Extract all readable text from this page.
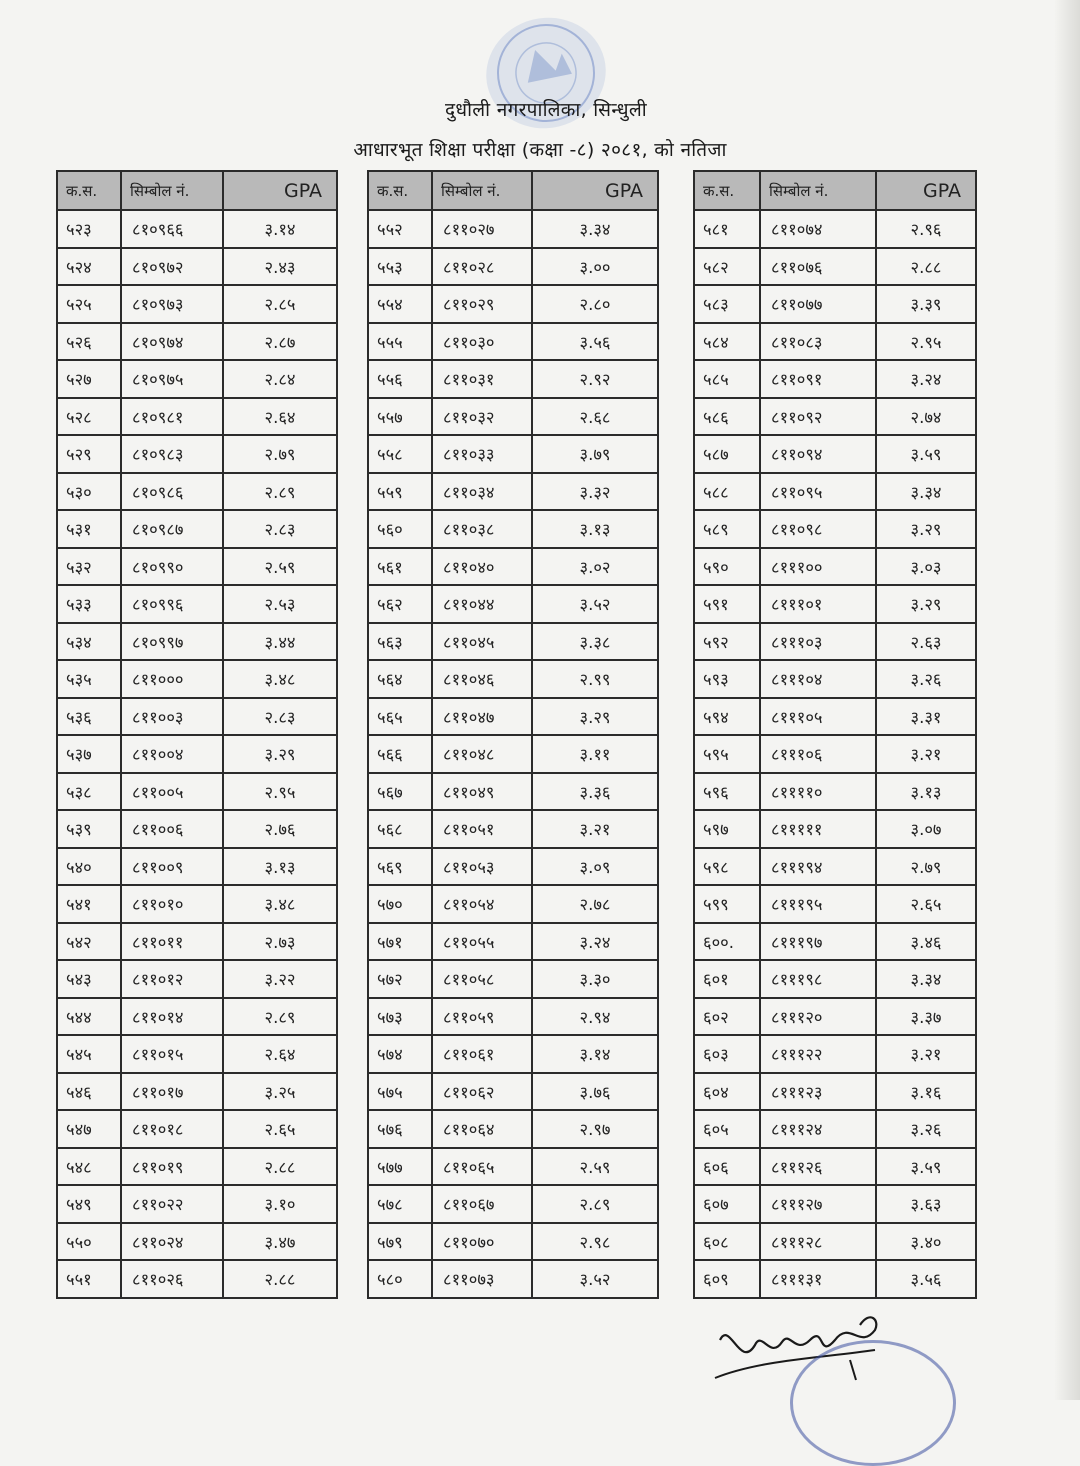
दुधौली नगरपालिका, सिन्धुली
आधारभूत शिक्षा परीक्षा (कक्षा -८) २०८१, को नतिजा
क.स.	सिम्बोल नं.	GPA
५२३	८१०९६६	३.१४
५२४	८१०९७२	२.४३
५२५	८१०९७३	२.८५
५२६	८१०९७४	२.८७
५२७	८१०९७५	२.८४
५२८	८१०९८१	२.६४
५२९	८१०९८३	२.७९
५३०	८१०९८६	२.८९
५३१	८१०९८७	२.८३
५३२	८१०९९०	२.५९
५३३	८१०९९६	२.५३
५३४	८१०९९७	३.४४
५३५	८११०००	३.४८
५३६	८११००३	२.८३
५३७	८११००४	३.२९
५३८	८११००५	२.९५
५३९	८११००६	२.७६
५४०	८११००९	३.१३
५४१	८११०१०	३.४८
५४२	८११०११	२.७३
५४३	८११०१२	३.२२
५४४	८११०१४	२.८९
५४५	८११०१५	२.६४
५४६	८११०१७	३.२५
५४७	८११०१८	२.६५
५४८	८११०१९	२.८८
५४९	८११०२२	३.१०
५५०	८११०२४	३.४७
५५१	८११०२६	२.८८
क.स.	सिम्बोल नं.	GPA
५५२	८११०२७	३.३४
५५३	८११०२८	३.००
५५४	८११०२९	२.८०
५५५	८११०३०	३.५६
५५६	८११०३१	२.९२
५५७	८११०३२	२.६८
५५८	८११०३३	३.७९
५५९	८११०३४	३.३२
५६०	८११०३८	३.१३
५६१	८११०४०	३.०२
५६२	८११०४४	३.५२
५६३	८११०४५	३.३८
५६४	८११०४६	२.९९
५६५	८११०४७	३.२९
५६६	८११०४८	३.११
५६७	८११०४९	३.३६
५६८	८११०५१	३.२१
५६९	८११०५३	३.०९
५७०	८११०५४	२.७८
५७१	८११०५५	३.२४
५७२	८११०५८	३.३०
५७३	८११०५९	२.९४
५७४	८११०६१	३.१४
५७५	८११०६२	३.७६
५७६	८११०६४	२.९७
५७७	८११०६५	२.५९
५७८	८११०६७	२.८९
५७९	८११०७०	२.९८
५८०	८११०७३	३.५२
क.स.	सिम्बोल नं.	GPA
५८१	८११०७४	२.९६
५८२	८११०७६	२.८८
५८३	८११०७७	३.३९
५८४	८११०८३	२.९५
५८५	८११०९१	३.२४
५८६	८११०९२	२.७४
५८७	८११०९४	३.५९
५८८	८११०९५	३.३४
५८९	८११०९८	३.२९
५९०	८१११००	३.०३
५९१	८१११०१	३.२९
५९२	८१११०३	२.६३
५९३	८१११०४	३.२६
५९४	८१११०५	३.३१
५९५	८१११०६	३.२१
५९६	८११११०	३.१३
५९७	८१११११	३.०७
५९८	८१११९४	२.७९
५९९	८१११९५	२.६५
६००.	८१११९७	३.४६
६०१	८१११९८	३.३४
६०२	८१११२०	३.३७
६०३	८१११२२	३.२१
६०४	८१११२३	३.१६
६०५	८१११२४	३.२६
६०६	८१११२६	३.५९
६०७	८१११२७	३.६३
६०८	८१११२८	३.४०
६०९	८१११३१	३.५६
